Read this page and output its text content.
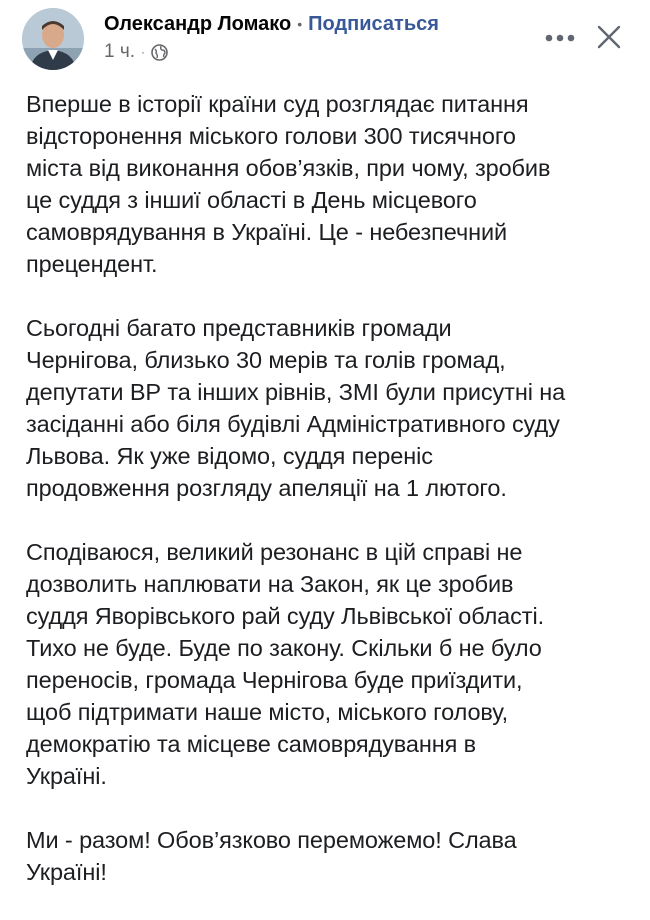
Олександр Ломако • Подписаться
1 ч. ·

Вперше в історії країни суд розглядає питання
відсторонення міського голови 300 тисячного
міста від виконання обов’язків, при чому, зробив
це суддя з іншиї області в День місцевого
самоврядування в Україні. Це - небезпечний
прецендент.

Сьогодні багато представників громади
Чернігова, близько 30 мерів та голів громад,
депутати ВР та інших рівнів, ЗМІ були присутні на
засіданні або біля будівлі Адміністративного суду
Львова. Як уже відомо, суддя переніс
продовження розгляду апеляції на 1 лютого.

Сподіваюся, великий резонанс в цій справі не
дозволить наплювати на Закон, як це зробив
суддя Яворівського рай суду Львівської області.
Тихо не буде. Буде по закону. Скільки б не було
переносів, громада Чернігова буде приїздити,
щоб підтримати наше місто, міського голову,
демократію та місцеве самоврядування в
Україні.

Ми - разом! Обов’язково переможемо! Слава
Україні!
